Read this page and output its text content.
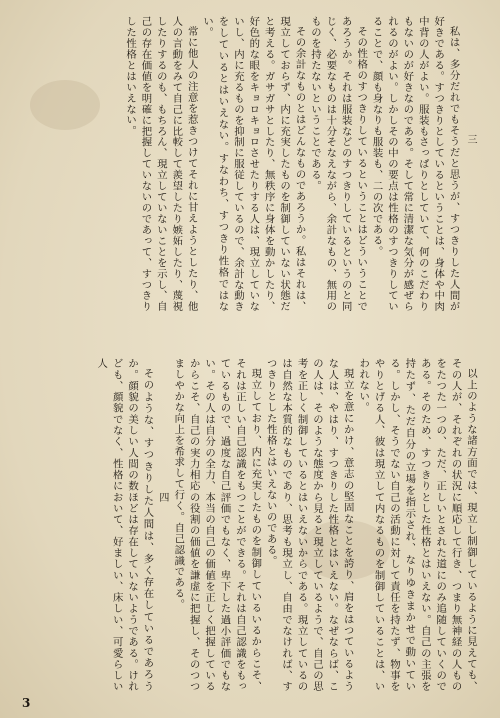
三

私は、多分だれでもそうだと思うが、すつきりした人間が好きである。すつきりとしているということは、身体や中肉中背の人がよい。服装もさっぱりとしていて、何のこだわりもないのが好きなのである。そして常に清潔な気分が感ぜられるのがよい。しかしその中の要点は性格のすつきりしていることで、顔も身なりも服装も、二の次である。

その性格のすつきりしているということはどういうことであろうか。それは服装などのすつきりしているというのと同じく、必要なものは十分そなえながら、余計なもの、無用のものを持たないということである。

その余計なものとはどんなものであろうか。私はそれは、現立しておらず、内に充実したものを制御していない状態だと考える。ガサガサとしたり、無秩序に身体を動かしたり、好色的な眼をキョロキョロさせたりする人は、現立していないし、内に充るものを抑制に服従しているので、余計な動きをしているとはいえない。すなわち、すつきり性格ではない。

常に他人の注意を惹きつけてそれに甘えようとしたり、他人の言動をみて自己に比較して羨望したり嫉妬したり、蔑視したりするのも、もちろん、現立していないことを示し、自己の存在価値を明確に把握していないのであって、すつきりした性格とはいえない。

以上のような諸方面では、現立し制御しているように見えても、その人が、それぞれの状況に順応して行き、つまり無神経の人ものをたつた一つの、ただ、正しいとされた道にのみ追随していくのである。そのため、すつきりとした性格とはいえない。自己の主張を持たず、ただ自分の立場を指示され、なりゆきまかせで動いている。しかし、そうでない自己の活動に対して責任を持たず、物事をやりとげる人、彼は現立して内なるものを制御していることは、いわれない。

現立を意にかけ、意志の堅固なことを誇り、肩をはつているような人は、やはり、すつきりした性格とはいえない。なぜならば、この人は、そのような態度から見ると現立しているようで、自己の思考を正しく制御しているとはいえないからである。現立しているのは自然な本質的なものであり、思考も現立し、自由でなければ、すつきりとした性格とはいえないのである。

現立しており、内に充実したものを制御しているいるからこそ、それは正しい自己認識をもつことができる。それは自己認識をもっているもので、過度な自己評価でもなく、卑下した過小評価でもない。その人は自分の全力、本当の自己の価値を正しく把握しているからこそ、自己の実力相応の役割の価値を謙虚に把握し、そのつつましやかな向上を希求して行く。自己認識である。

四

そのような、すつきりした人間は、多く存在しているであろうか。顔貌の美しい人間の数ほどは存在していないようである。けれども、顔貌でなく、性格において、好ましい、床しい、可愛らしい人

3
